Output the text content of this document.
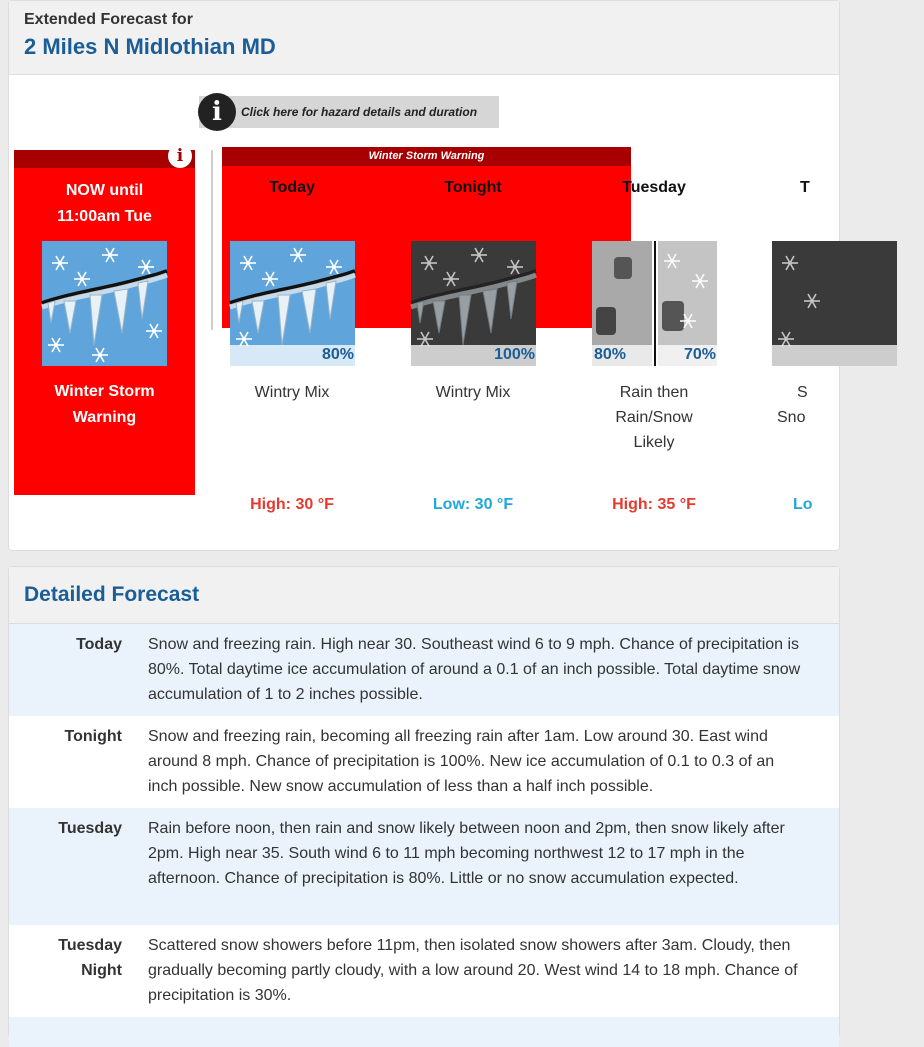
Extended Forecast for
2 Miles N Midlothian MD
i	Click here for hazard details and duration
i
NOW until
11:00am Tue
Winter Storm
Warning
Winter Storm Warning
Today
80%
Wintry Mix
High: 30 °F
Tonight
100%
Wintry Mix
Low: 30 °F
Tuesday
80%	70%
Rain then
Rain/Snow
Likely
High: 35 °F
T
S
Sno
Lo
Detailed Forecast
Today Snow and freezing rain. High near 30. Southeast wind 6 to 9 mph. Chance of precipitation is 80%. Total daytime ice accumulation of around a 0.1 of an inch possible. Total daytime snow accumulation of 1 to 2 inches possible.
Tonight Snow and freezing rain, becoming all freezing rain after 1am. Low around 30. East wind around 8 mph. Chance of precipitation is 100%. New ice accumulation of 0.1 to 0.3 of an inch possible. New snow accumulation of less than a half inch possible.
Tuesday Rain before noon, then rain and snow likely between noon and 2pm, then snow likely after 2pm. High near 35. South wind 6 to 11 mph becoming northwest 12 to 17 mph in the afternoon. Chance of precipitation is 80%. Little or no snow accumulation expected.
Tuesday
Night
Scattered snow showers before 11pm, then isolated snow showers after 3am. Cloudy, then gradually becoming partly cloudy, with a low around 20. West wind 14 to 18 mph. Chance of precipitation is 30%.
